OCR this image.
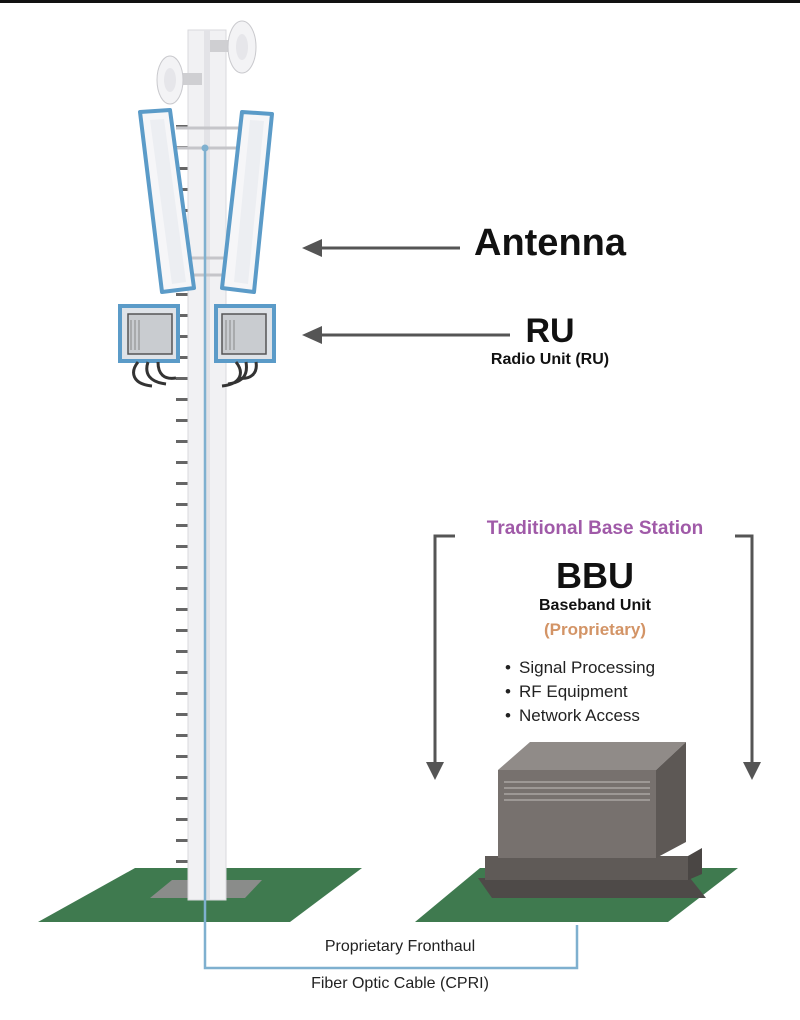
Antenna
RU
Radio Unit (RU)
Traditional Base Station
BBU
Baseband Unit
(Proprietary)
• Signal Processing
• RF Equipment
• Network Access
Proprietary Fronthaul
Fiber Optic Cable (CPRI)
